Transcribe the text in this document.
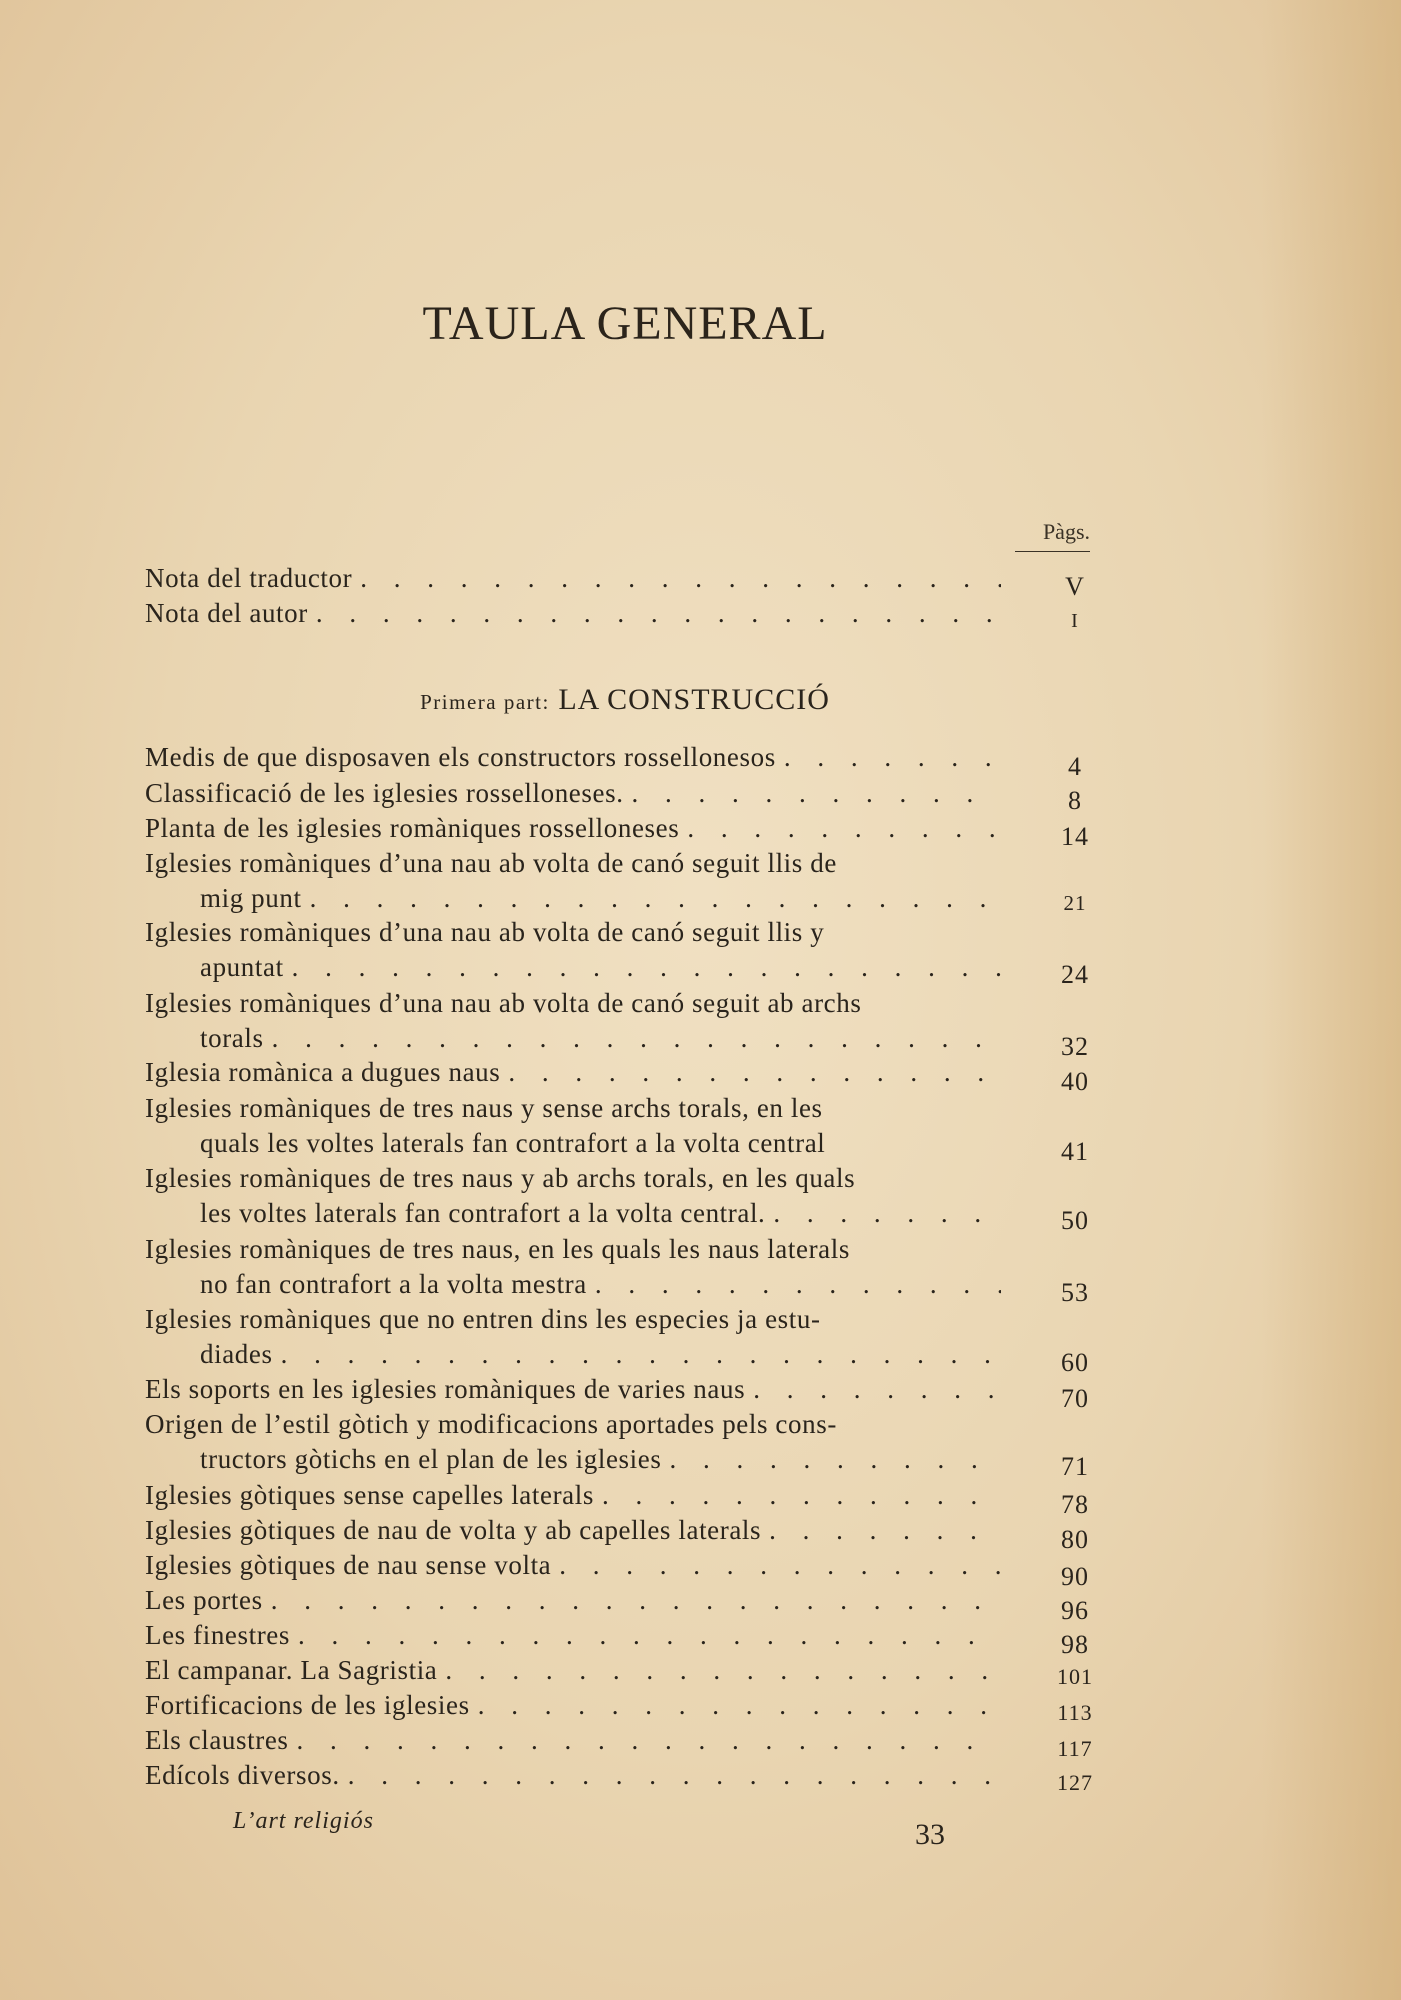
TAULA GENERAL
Pàgs.
Nota del traductor . . .	V
Nota del autor . . .	I
Primera part: LA CONSTRUCCIÓ
Medis de que disposaven els constructors rossellonesos . . .	4
Classificació de les iglesies rosselloneses. . . .	8
Planta de les iglesies romàniques rosselloneses . . .	14
Iglesies romàniques d’una nau ab volta de canó seguit llis de
mig punt . . .	21
Iglesies romàniques d’una nau ab volta de canó seguit llis y
apuntat . . .	24
Iglesies romàniques d’una nau ab volta de canó seguit ab archs
torals . . .	32
Iglesia romànica a dugues naus . . .	40
Iglesies romàniques de tres naus y sense archs torals, en les
quals les voltes laterals fan contrafort a la volta central	41
Iglesies romàniques de tres naus y ab archs torals, en les quals
les voltes laterals fan contrafort a la volta central. . . .	50
Iglesies romàniques de tres naus, en les quals les naus laterals
no fan contrafort a la volta mestra . . .	53
Iglesies romàniques que no entren dins les especies ja estu-
diades . . .	60
Els soports en les iglesies romàniques de varies naus . . .	70
Origen de l’estil gòtich y modificacions aportades pels cons-
tructors gòtichs en el plan de les iglesies . . .	71
Iglesies gòtiques sense capelles laterals . . .	78
Iglesies gòtiques de nau de volta y ab capelles laterals . . .	80
Iglesies gòtiques de nau sense volta . . .	90
Les portes . . .	96
Les finestres . . .	98
El campanar. La Sagristia . . .	101
Fortificacions de les iglesies . . .	113
Els claustres . . .	117
Edícols diversos. . . .	127
L’art religiós	33
